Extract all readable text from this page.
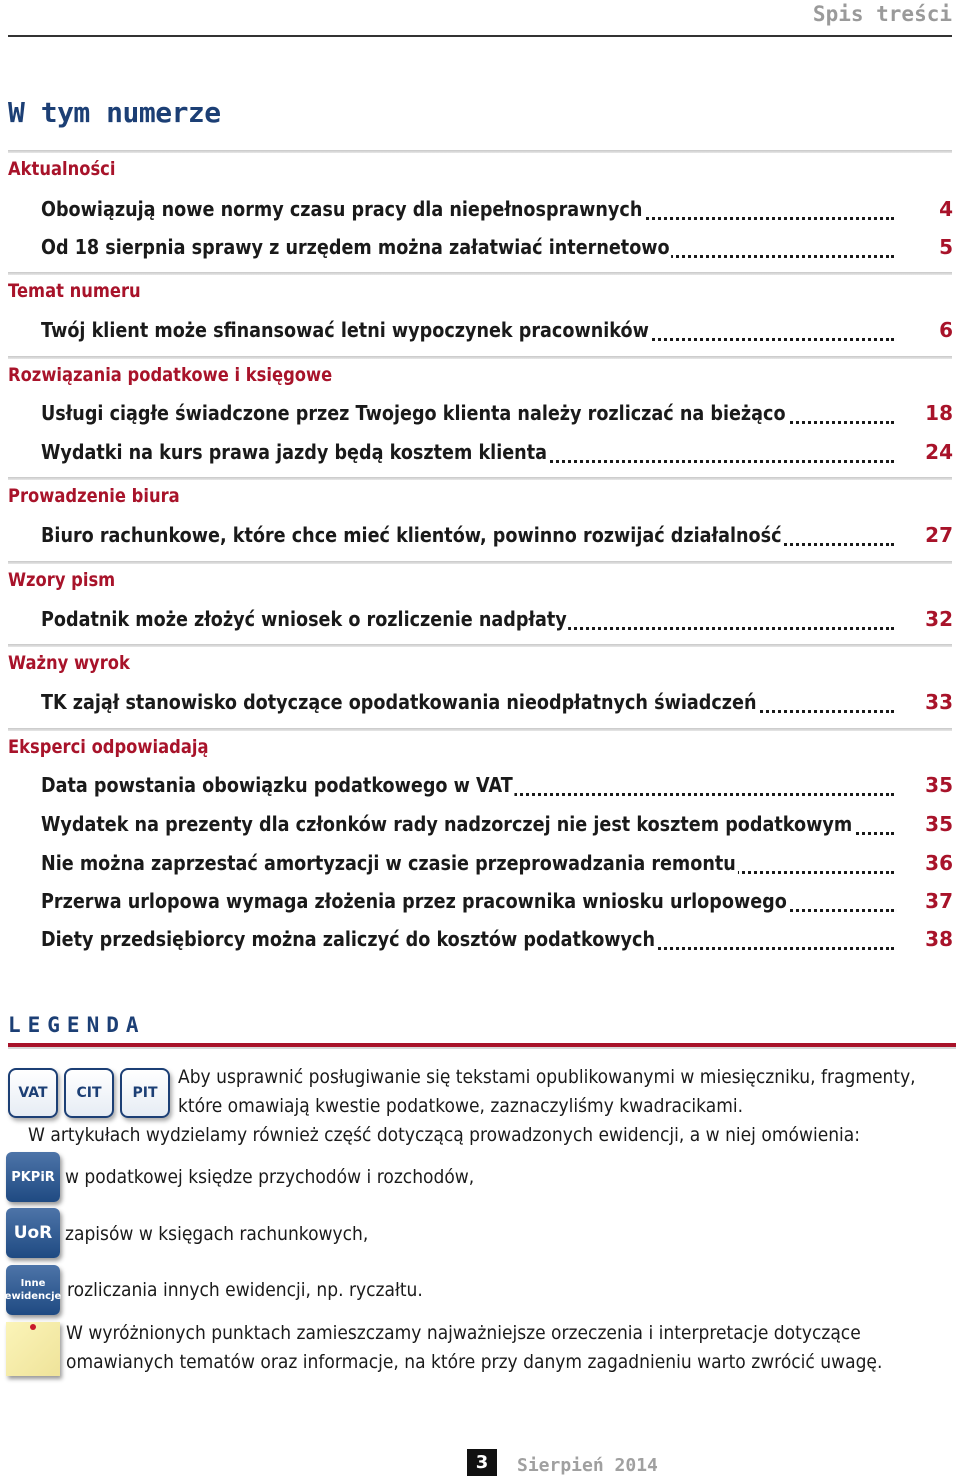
Spis treści
W tym numerze
Aktualności
Obowiązują nowe normy czasu pracy dla niepełnosprawnych	4
Od 18 sierpnia sprawy z urzędem można załatwiać internetowo	5
Temat numeru
Twój klient może sfinansować letni wypoczynek pracowników	6
Rozwiązania podatkowe i księgowe
Usługi ciągłe świadczone przez Twojego klienta należy rozliczać na bieżąco	18
Wydatki na kurs prawa jazdy będą kosztem klienta	24
Prowadzenie biura
Biuro rachunkowe, które chce mieć klientów, powinno rozwijać działalność	27
Wzory pism
Podatnik może złożyć wniosek o rozliczenie nadpłaty	32
Ważny wyrok
TK zajął stanowisko dotyczące opodatkowania nieodpłatnych świadczeń	33
Eksperci odpowiadają
Data powstania obowiązku podatkowego w VAT	35
Wydatek na prezenty dla członków rady nadzorczej nie jest kosztem podatkowym	35
Nie można zaprzestać amortyzacji w czasie przeprowadzania remontu	36
Przerwa urlopowa wymaga złożenia przez pracownika wniosku urlopowego	37
Diety przedsiębiorcy można zaliczyć do kosztów podatkowych	38
LEGENDA
VAT	CIT	PIT
Aby usprawnić posługiwanie się tekstami opublikowanymi w miesięczniku, fragmenty,
które omawiają kwestie podatkowe, zaznaczyliśmy kwadracikami.
W artykułach wydzielamy również część dotyczącą prowadzonych ewidencji, a w niej omówienia:
PKPiR w podatkowej księdze przychodów i rozchodów,
UoR zapisów w księgach rachunkowych,
Inne
ewidencje rozliczania innych ewidencji, np. ryczałtu.
W wyróżnionych punktach zamieszczamy najważniejsze orzeczenia i interpretacje dotyczące
omawianych tematów oraz informacje, na które przy danym zagadnieniu warto zwrócić uwagę.
3	Sierpień 2014
